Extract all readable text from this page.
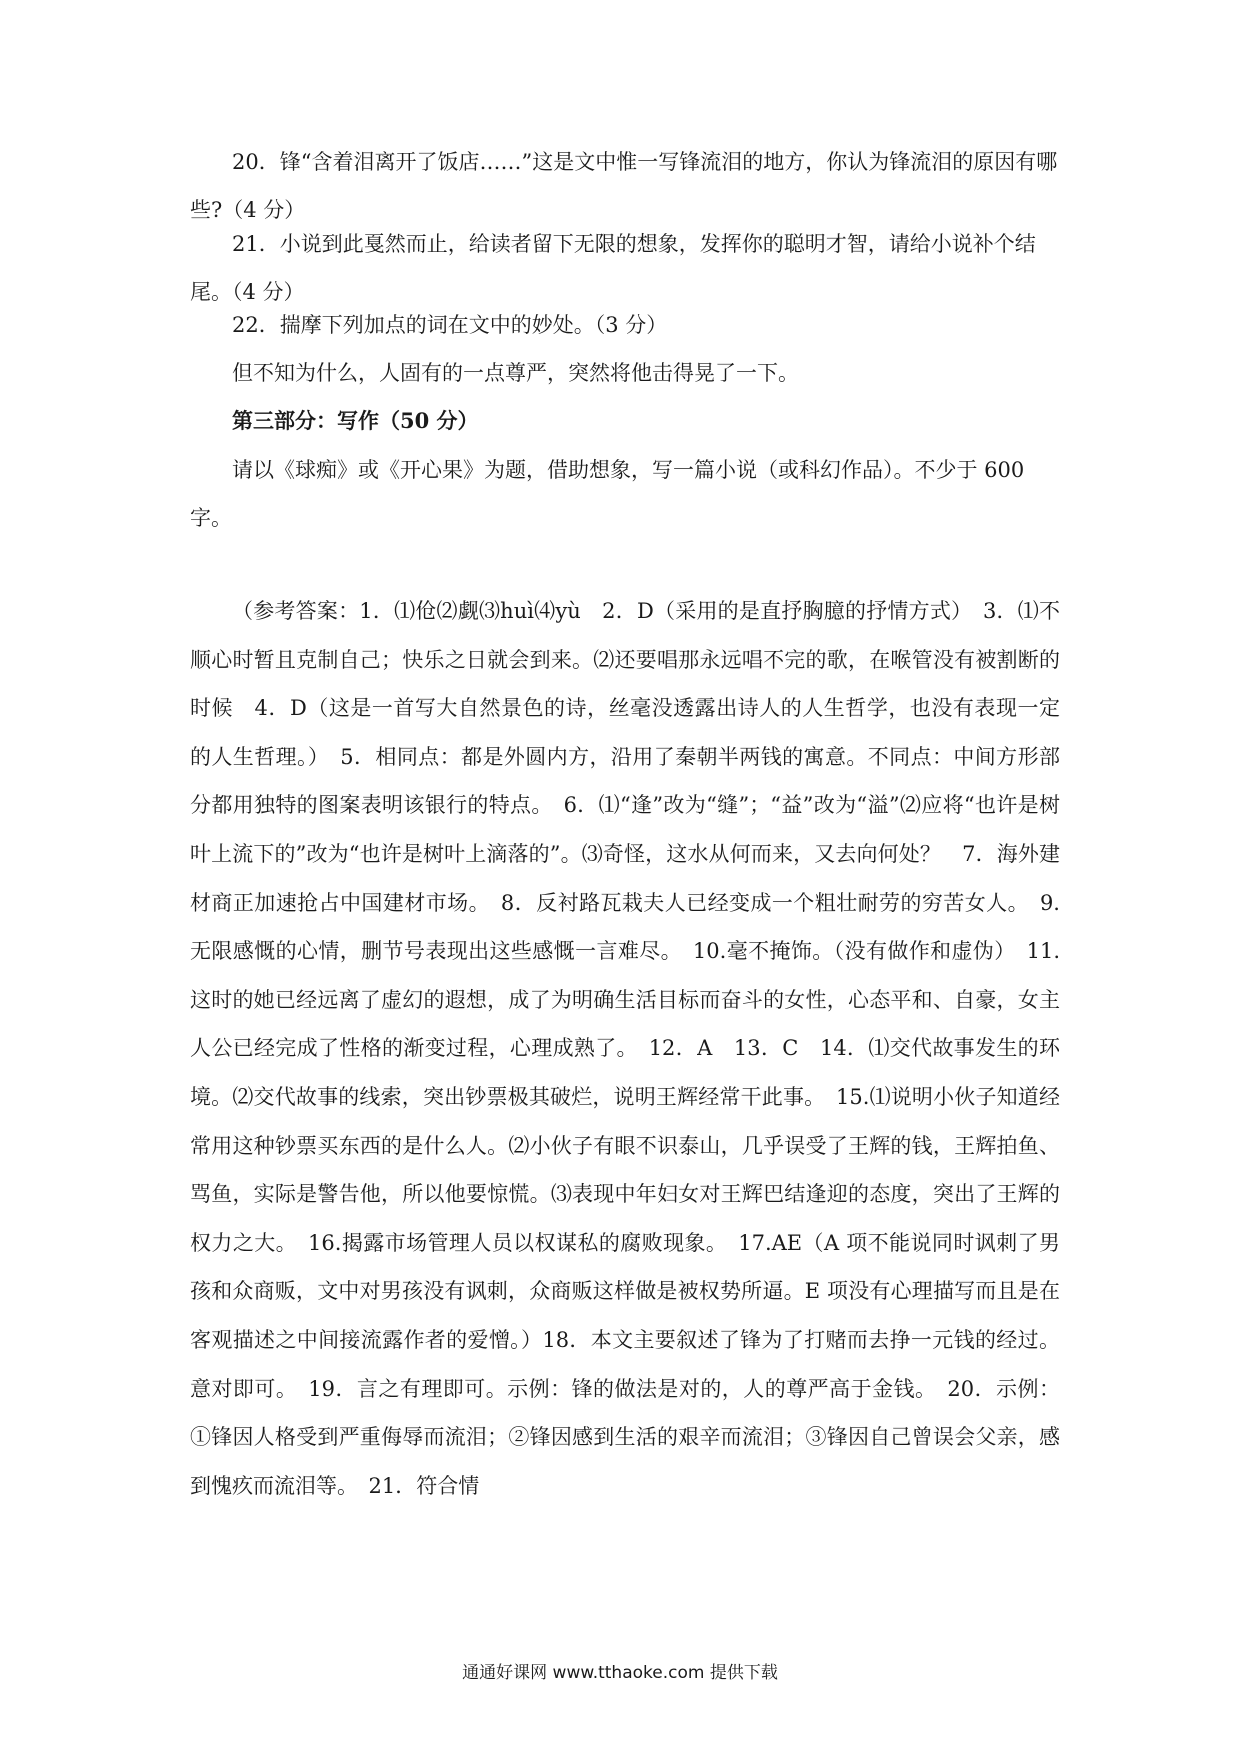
20．锋“含着泪离开了饭店……”这是文中惟一写锋流泪的地方，你认为锋流泪的原因有哪些?（4 分）

21．小说到此戛然而止，给读者留下无限的想象，发挥你的聪明才智，请给小说补个结尾。（4 分）

22．揣摩下列加点的词在文中的妙处。（3 分）

但不知为什么，人固有的一点尊严，突然将他击得晃了一下。

第三部分：写作（50 分）

请以《球痴》或《开心果》为题，借助想象，写一篇小说（或科幻作品）。不少于 600 字。

（参考答案：1．⑴伧⑵觑⑶huì⑷yù　2．D（采用的是直抒胸臆的抒情方式）　3．⑴不顺心时暂且克制自己；快乐之日就会到来。⑵还要唱那永远唱不完的歌，在喉管没有被割断的时候　4．D（这是一首写大自然景色的诗，丝毫没透露出诗人的人生哲学，也没有表现一定的人生哲理。）　5．相同点：都是外圆内方，沿用了秦朝半两钱的寓意。不同点：中间方形部分都用独特的图案表明该银行的特点。　6．⑴“逢”改为“缝”；“益”改为“溢”⑵应将“也许是树叶上流下的”改为“也许是树叶上滴落的”。⑶奇怪，这水从何而来，又去向何处？　7．海外建材商正加速抢占中国建材市场。　8．反衬路瓦栽夫人已经变成一个粗壮耐劳的穷苦女人。　9.无限感慨的心情，删节号表现出这些感慨一言难尽。　10.毫不掩饰。（没有做作和虚伪）　11.这时的她已经远离了虚幻的遐想，成了为明确生活目标而奋斗的女性，心态平和、自豪，女主人公已经完成了性格的渐变过程，心理成熟了。　12．A　13．C　14．⑴交代故事发生的环境。⑵交代故事的线索，突出钞票极其破烂，说明王辉经常干此事。　15.⑴说明小伙子知道经常用这种钞票买东西的是什么人。⑵小伙子有眼不识泰山，几乎误受了王辉的钱，王辉拍鱼、骂鱼，实际是警告他，所以他要惊慌。⑶表现中年妇女对王辉巴结逢迎的态度，突出了王辉的权力之大。　16.揭露市场管理人员以权谋私的腐败现象。　17.AE（A 项不能说同时讽刺了男孩和众商贩，文中对男孩没有讽刺，众商贩这样做是被权势所逼。E 项没有心理描写而且是在客观描述之中间接流露作者的爱憎。）18．本文主要叙述了锋为了打赌而去挣一元钱的经过。意对即可。　19．言之有理即可。示例：锋的做法是对的，人的尊严高于金钱。　20．示例：①锋因人格受到严重侮辱而流泪；②锋因感到生活的艰辛而流泪；③锋因自己曾误会父亲，感到愧疚而流泪等。　21．符合情

通通好课网 www.tthaoke.com 提供下载
